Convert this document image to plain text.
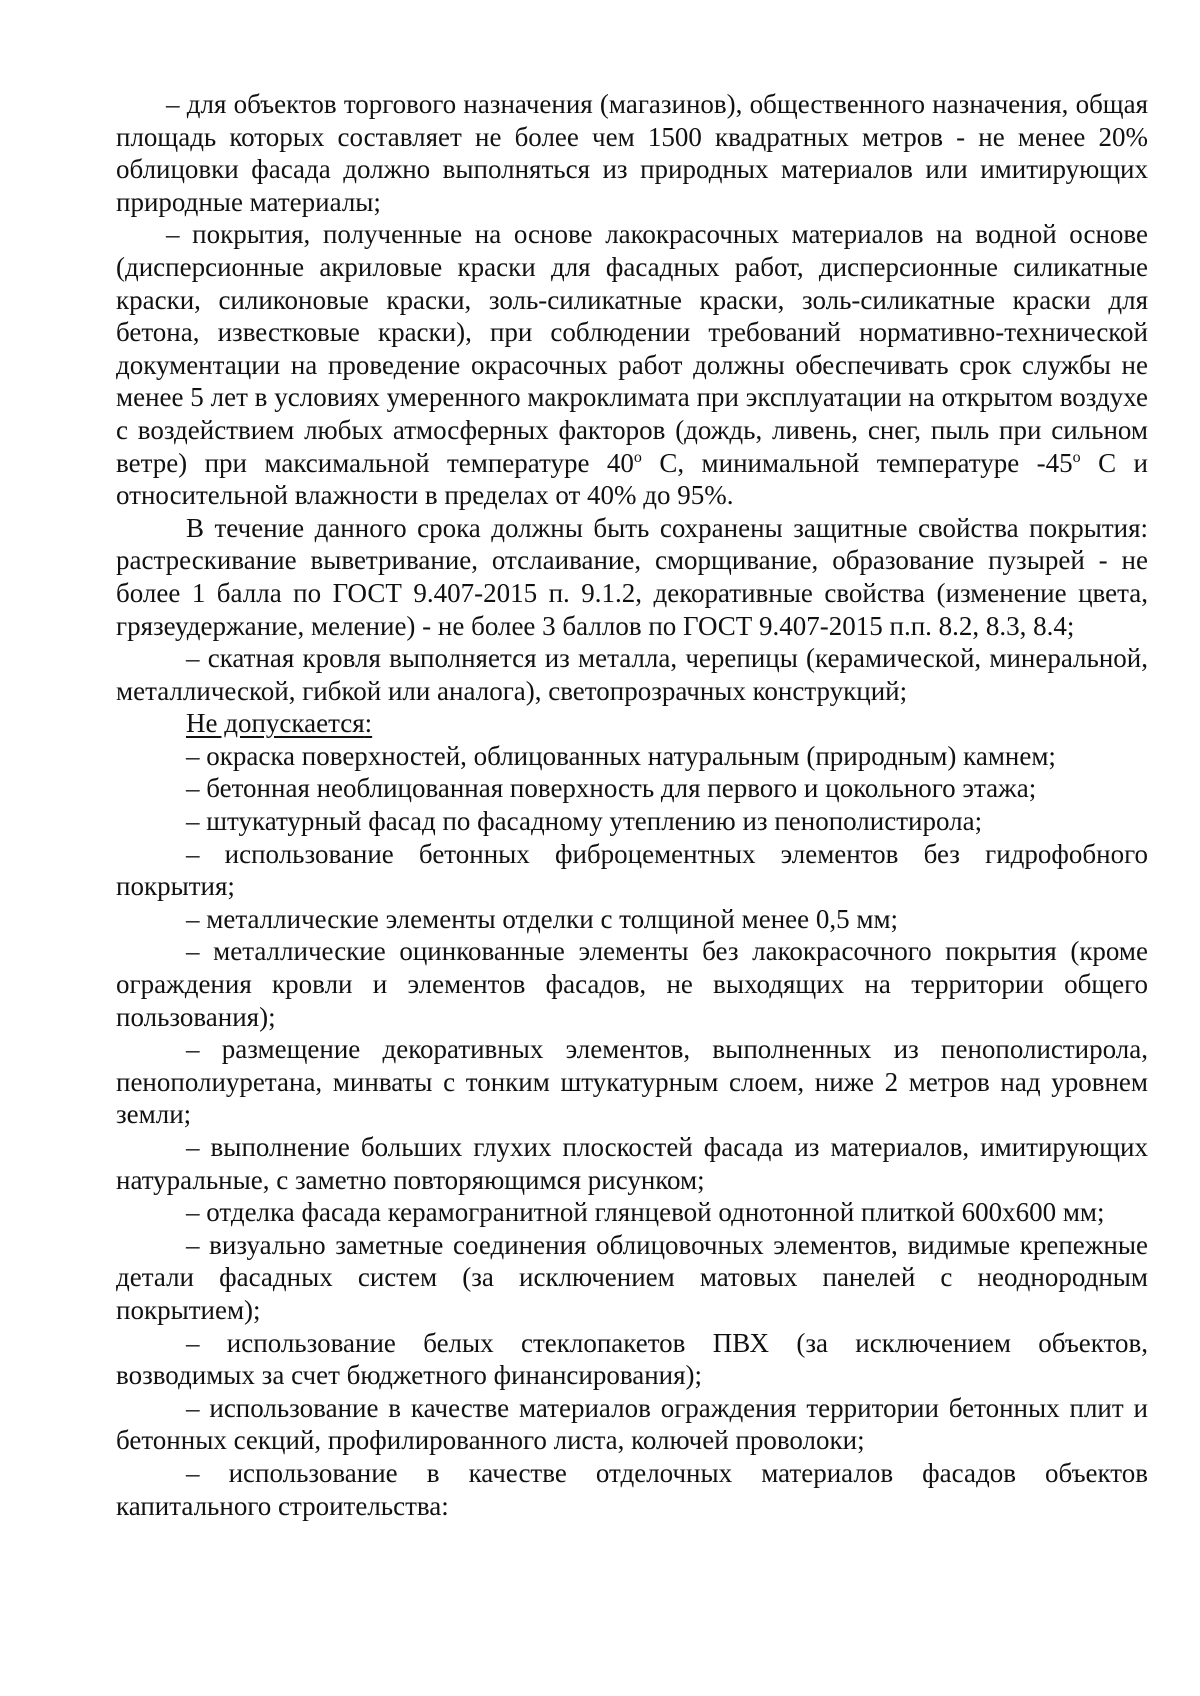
– для объектов торгового назначения (магазинов), общественного назначения, общая площадь которых составляет не более чем 1500 квадратных метров - не менее 20% облицовки фасада должно выполняться из природных материалов или имитирующих природные материалы;

– покрытия, полученные на основе лакокрасочных материалов на водной основе (дисперсионные акриловые краски для фасадных работ, дисперсионные силикатные краски, силиконовые краски, золь-силикатные краски, золь-силикатные краски для бетона, известковые краски), при соблюдении требований нормативно-технической документации на проведение окрасочных работ должны обеспечивать срок службы не менее 5 лет в условиях умеренного макроклимата при эксплуатации на открытом воздухе с воздействием любых атмосферных факторов (дождь, ливень, снег, пыль при сильном ветре) при максимальной температуре 40$^o$ С, минимальной температуре -45$^o$ С и относительной влажности в пределах от 40% до 95%.

В течение данного срока должны быть сохранены защитные свойства покрытия: растрескивание выветривание, отслаивание, сморщивание, образование пузырей - не более 1 балла по ГОСТ 9.407-2015 п. 9.1.2, декоративные свойства (изменение цвета, грязеудержание, меление) - не более 3 баллов по ГОСТ 9.407-2015 п.п. 8.2, 8.3, 8.4;

– скатная кровля выполняется из металла, черепицы (керамической, минеральной, металлической, гибкой или аналога), светопрозрачных конструкций;

Не допускается:

– окраска поверхностей, облицованных натуральным (природным) камнем;

– бетонная необлицованная поверхность для первого и цокольного этажа;

– штукатурный фасад по фасадному утеплению из пенополистирола;

– использование бетонных фиброцементных элементов без гидрофобного покрытия;

– металлические элементы отделки с толщиной менее 0,5 мм;

– металлические оцинкованные элементы без лакокрасочного покрытия (кроме ограждения кровли и элементов фасадов, не выходящих на территории общего пользования);

– размещение декоративных элементов, выполненных из пенополистирола, пенополиуретана, минваты с тонким штукатурным слоем, ниже 2 метров над уровнем земли;

– выполнение больших глухих плоскостей фасада из материалов, имитирующих натуральные, с заметно повторяющимся рисунком;

– отделка фасада керамогранитной глянцевой однотонной плиткой 600х600 мм;

– визуально заметные соединения облицовочных элементов, видимые крепежные детали фасадных систем (за исключением матовых панелей с неоднородным покрытием);

– использование белых стеклопакетов ПВХ (за исключением объектов, возводимых за счет бюджетного финансирования);

– использование в качестве материалов ограждения территории бетонных плит и бетонных секций, профилированного листа, колючей проволоки;

– использование в качестве отделочных материалов фасадов объектов капитального строительства:
